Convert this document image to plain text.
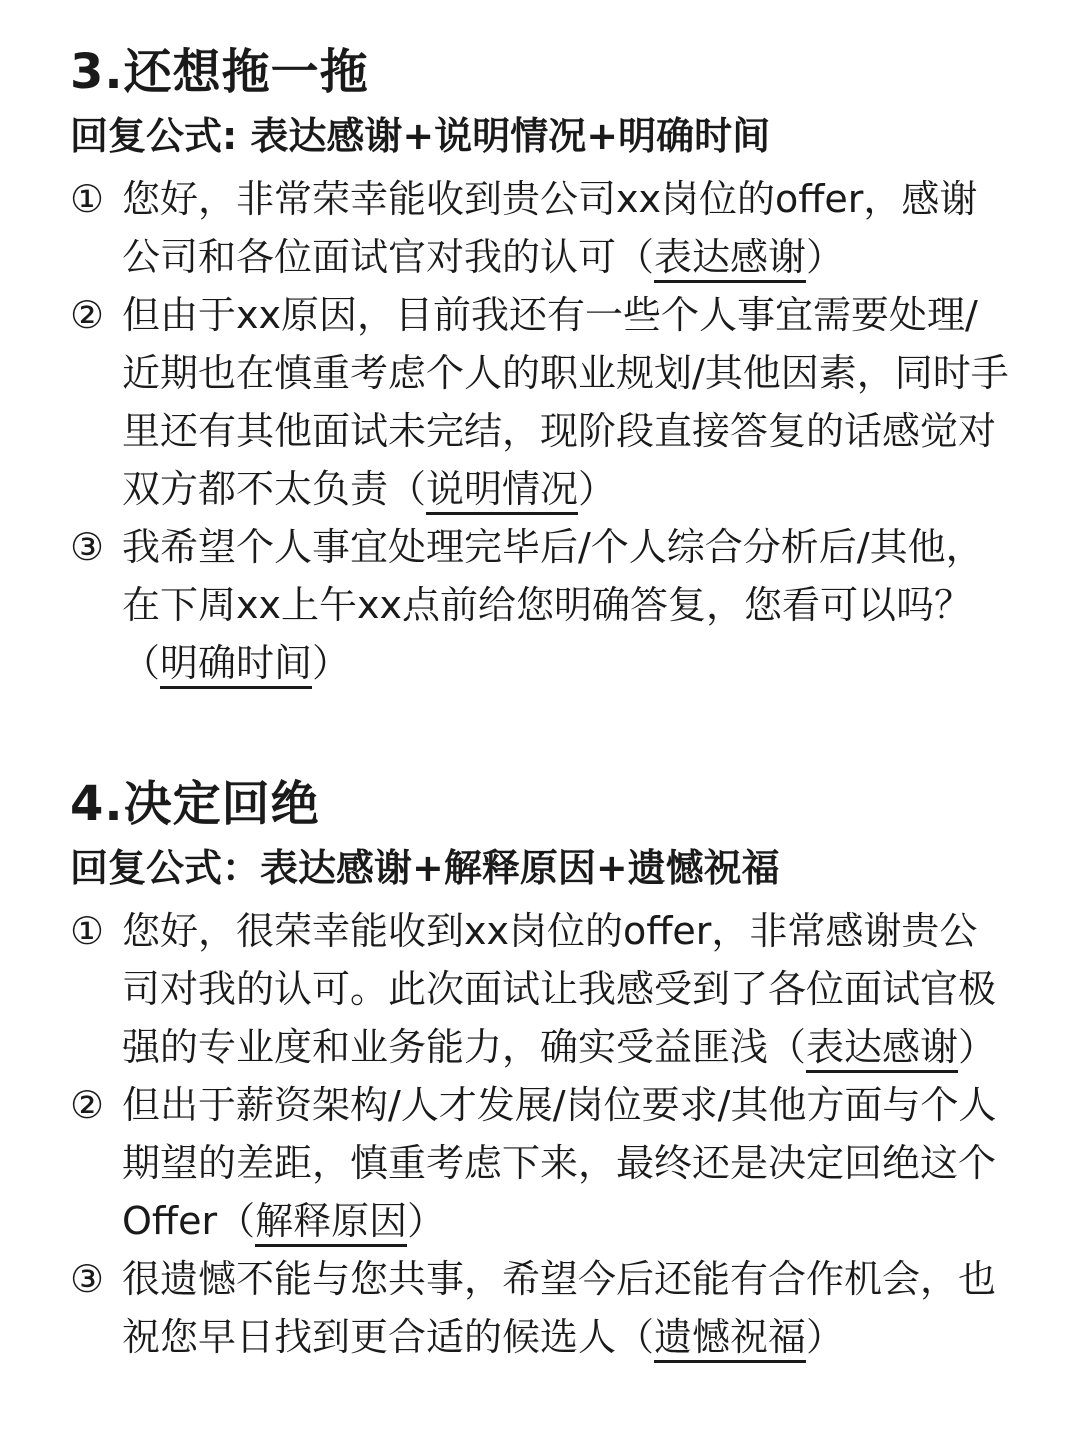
3.还想拖一拖
回复公式: 表达感谢+说明情况+明确时间
① 您好，非常荣幸能收到贵公司xx岗位的offer，感谢公司和各位面试官对我的认可（表达感谢）
② 但由于xx原因，目前我还有一些个人事宜需要处理/近期也在慎重考虑个人的职业规划/其他因素，同时手里还有其他面试未完结，现阶段直接答复的话感觉对双方都不太负责（说明情况）
③ 我希望个人事宜处理完毕后/个人综合分析后/其他，在下周xx上午xx点前给您明确答复，您看可以吗？ （明确时间）
4.决定回绝
回复公式：表达感谢+解释原因+遗憾祝福
① 您好，很荣幸能收到xx岗位的offer，非常感谢贵公司对我的认可。此次面试让我感受到了各位面试官极强的专业度和业务能力，确实受益匪浅（表达感谢）
② 但出于薪资架构/人才发展/岗位要求/其他方面与个人期望的差距，慎重考虑下来，最终还是决定回绝这个Offer（解释原因）
③ 很遗憾不能与您共事，希望今后还能有合作机会，也祝您早日找到更合适的候选人（遗憾祝福）
